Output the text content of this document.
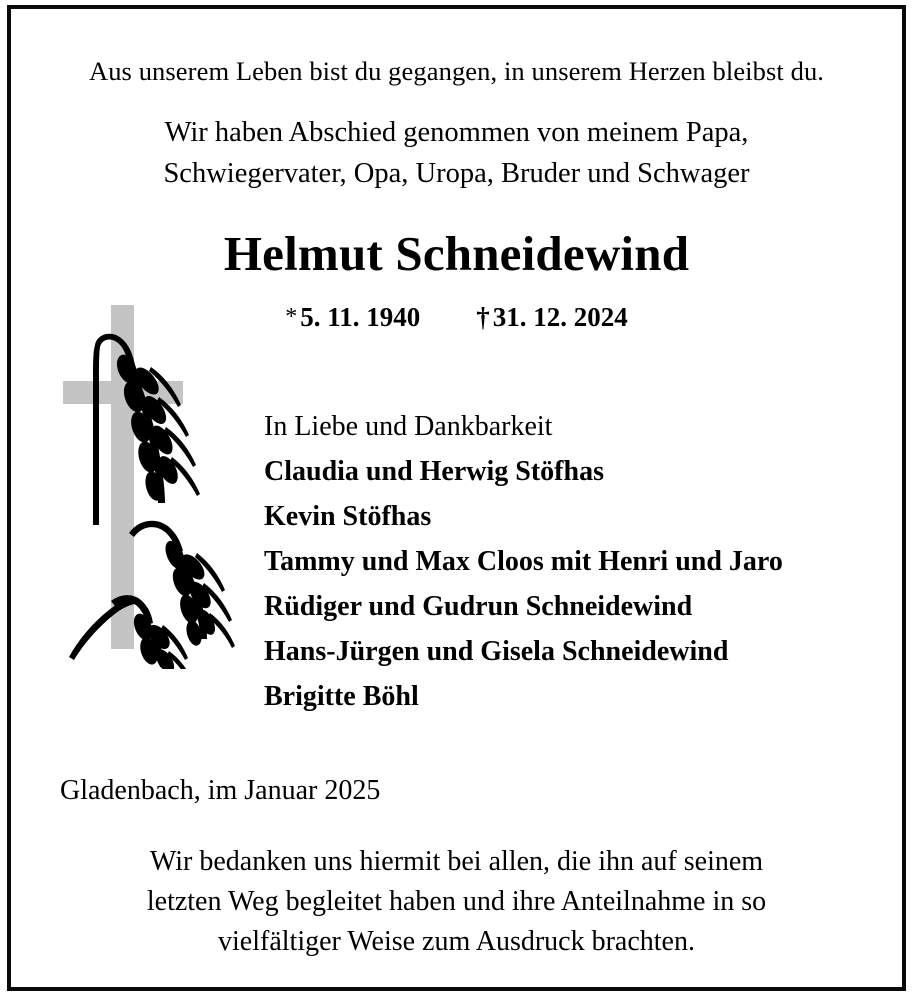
Aus unserem Leben bist du gegangen, in unserem Herzen bleibst du.
Wir haben Abschied genommen von meinem Papa,
Schwiegervater, Opa, Uropa, Bruder und Schwager
Helmut Schneidewind
* 5. 11. 1940 † 31. 12. 2024
In Liebe und Dankbarkeit
Claudia und Herwig Stöfhas
Kevin Stöfhas
Tammy und Max Cloos mit Henri und Jaro
Rüdiger und Gudrun Schneidewind
Hans-Jürgen und Gisela Schneidewind
Brigitte Böhl
Gladenbach, im Januar 2025
Wir bedanken uns hiermit bei allen, die ihn auf seinem
letzten Weg begleitet haben und ihre Anteilnahme in so
vielfältiger Weise zum Ausdruck brachten.
